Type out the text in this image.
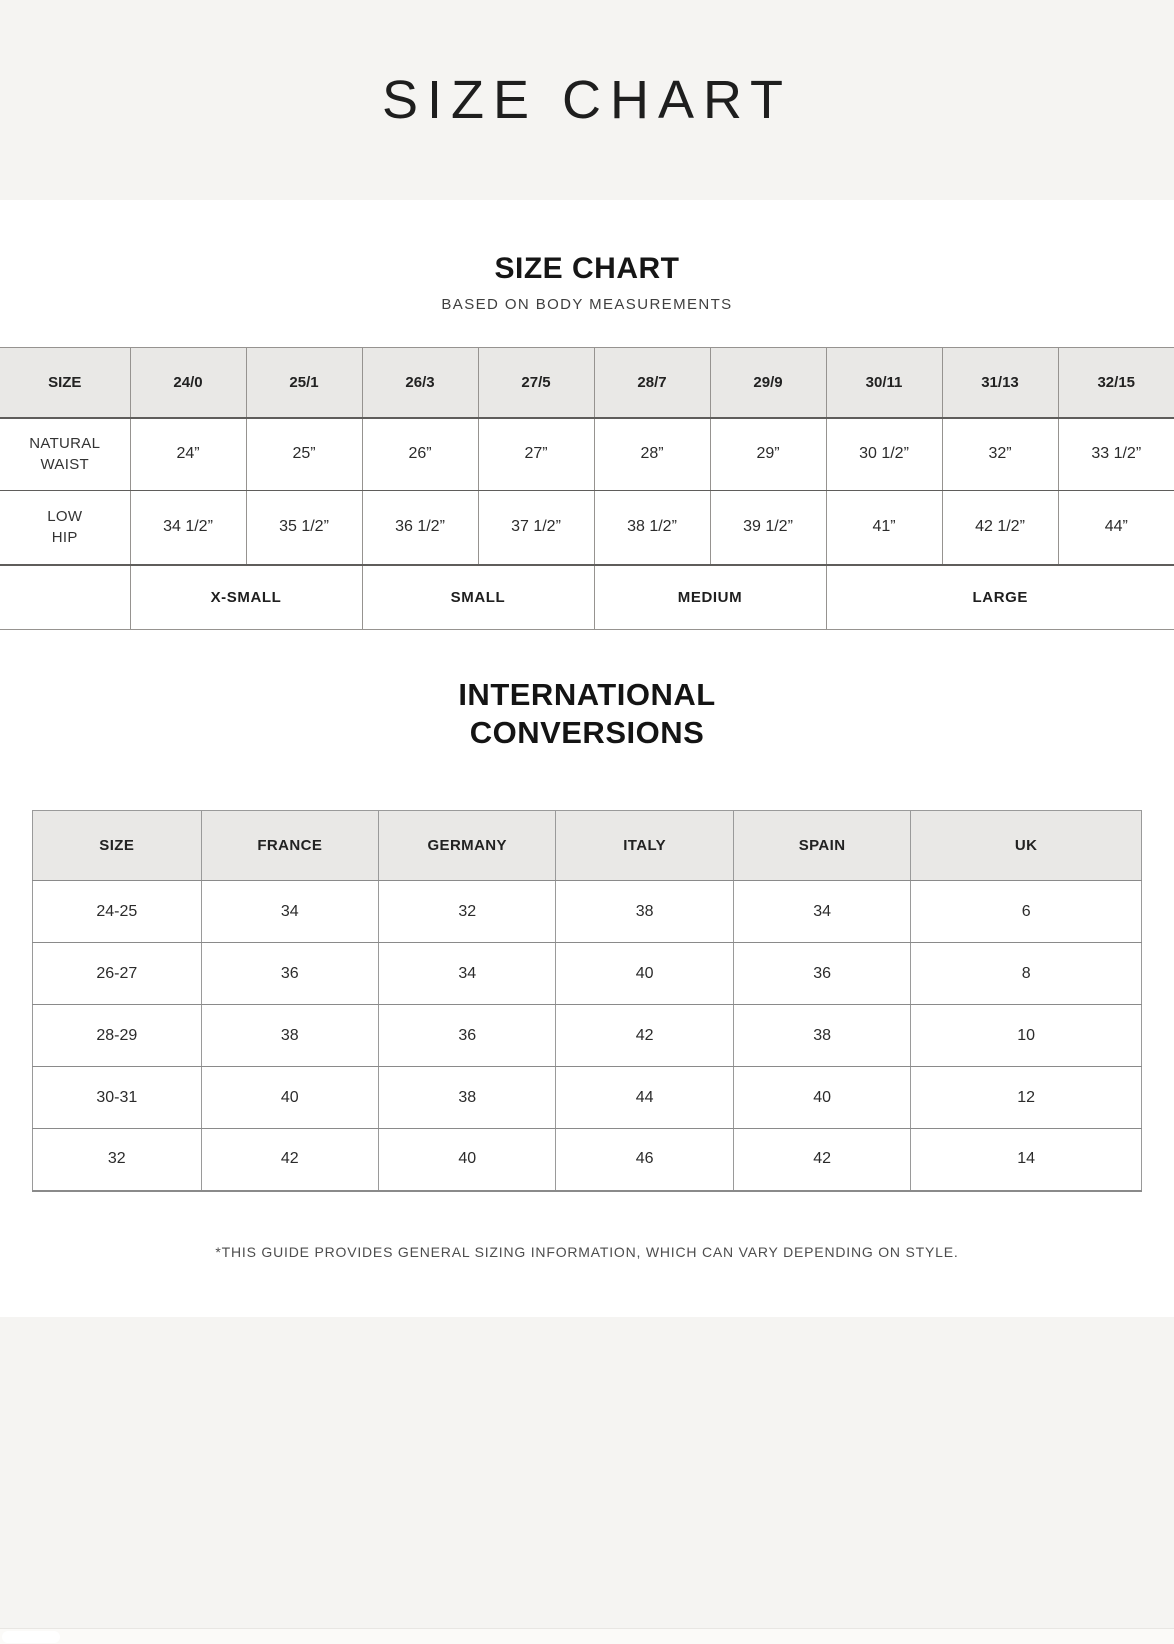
SIZE CHART
SIZE CHART
BASED ON BODY MEASUREMENTS
SIZE	24/0	25/1	26/3	27/5	28/7	29/9	30/11	31/13	32/15

NATURAL
WAIST	24”	25”	26”	27”	28”	29”	30 1/2”	32”	33 1/2”

LOW
HIP	34 1/2”	35 1/2”	36 1/2”	37 1/2”	38 1/2”	39 1/2”	41”	42 1/2”	44”
	X-SMALL		SMALL		MEDIUM		LARGE		
INTERNATIONAL
CONVERSIONS
SIZE	FRANCE	GERMANY	ITALY	SPAIN	UK
24-25	34	32	38	34	6
26-27	36	34	40	36	8
28-29	38	36	42	38	10
30-31	40	38	44	40	12
32	42	40	46	42	14
*THIS GUIDE PROVIDES GENERAL SIZING INFORMATION, WHICH CAN VARY DEPENDING ON STYLE.
